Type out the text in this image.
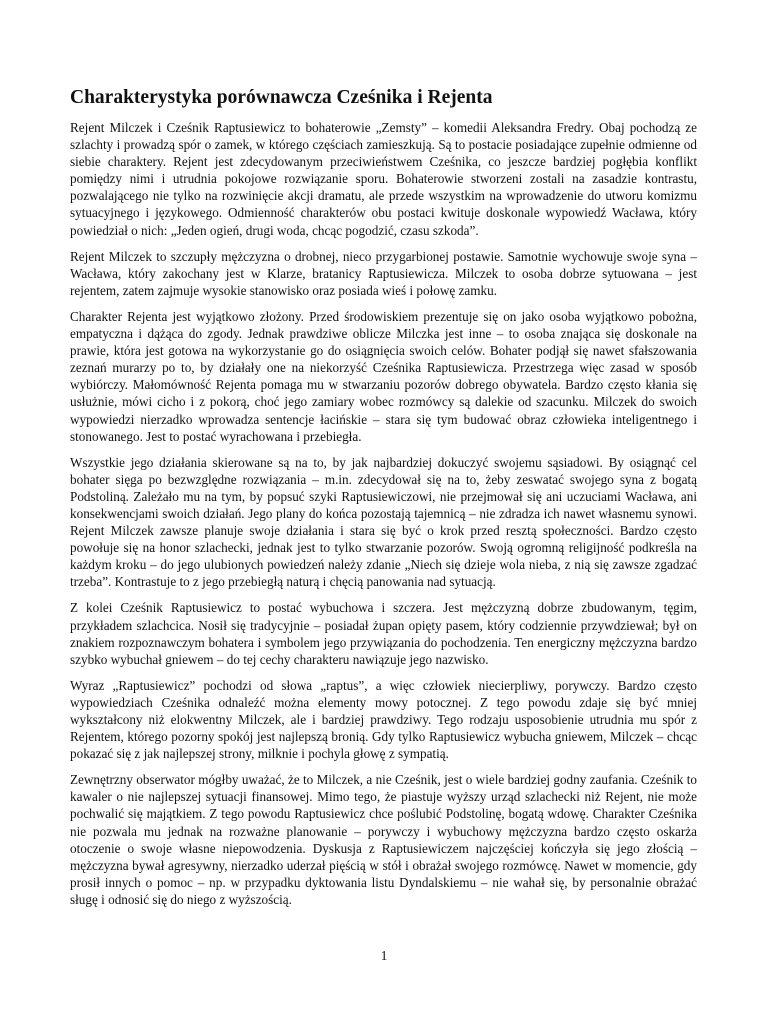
Charakterystyka porównawcza Cześnika i Rejenta

Rejent Milczek i Cześnik Raptusiewicz to bohaterowie „Zemsty” – komedii Aleksandra Fredry. Obaj pochodzą ze szlachty i prowadzą spór o zamek, w którego częściach zamieszkują. Są to postacie posiadające zupełnie odmienne od siebie charaktery. Rejent jest zdecydowanym przeciwieństwem Cześnika, co jeszcze bardziej pogłębia konflikt pomiędzy nimi i utrudnia pokojowe rozwiązanie sporu. Bohaterowie stworzeni zostali na zasadzie kontrastu, pozwalającego nie tylko na rozwinięcie akcji dramatu, ale przede wszystkim na wprowadzenie do utworu komizmu sytuacyjnego i językowego. Odmienność charakterów obu postaci kwituje doskonale wypowiedź Wacława, który powiedział o nich: „Jeden ogień, drugi woda, chcąc pogodzić, czasu szkoda”.

Rejent Milczek to szczupły mężczyzna o drobnej, nieco przygarbionej postawie. Samotnie wychowuje swoje syna – Wacława, który zakochany jest w Klarze, bratanicy Raptusiewicza. Milczek to osoba dobrze sytuowana – jest rejentem, zatem zajmuje wysokie stanowisko oraz posiada wieś i połowę zamku.

Charakter Rejenta jest wyjątkowo złożony. Przed środowiskiem prezentuje się on jako osoba wyjątkowo pobożna, empatyczna i dążąca do zgody. Jednak prawdziwe oblicze Milczka jest inne – to osoba znająca się doskonale na prawie, która jest gotowa na wykorzystanie go do osiągnięcia swoich celów. Bohater podjął się nawet sfałszowania zeznań murarzy po to, by działały one na niekorzyść Cześnika Raptusiewicza. Przestrzega więc zasad w sposób wybiórczy. Małomówność Rejenta pomaga mu w stwarzaniu pozorów dobrego obywatela. Bardzo często kłania się usłużnie, mówi cicho i z pokorą, choć jego zamiary wobec rozmówcy są dalekie od szacunku. Milczek do swoich wypowiedzi nierzadko wprowadza sentencje łacińskie – stara się tym budować obraz człowieka inteligentnego i stonowanego. Jest to postać wyrachowana i przebiegła.

Wszystkie jego działania skierowane są na to, by jak najbardziej dokuczyć swojemu sąsiadowi. By osiągnąć cel bohater sięga po bezwzględne rozwiązania – m.in. zdecydował się na to, żeby zeswatać swojego syna z bogatą Podstoliną. Zależało mu na tym, by popsuć szyki Raptusiewiczowi, nie przejmował się ani uczuciami Wacława, ani konsekwencjami swoich działań. Jego plany do końca pozostają tajemnicą – nie zdradza ich nawet własnemu synowi. Rejent Milczek zawsze planuje swoje działania i stara się być o krok przed resztą społeczności. Bardzo często powołuje się na honor szlachecki, jednak jest to tylko stwarzanie pozorów. Swoją ogromną religijność podkreśla na każdym kroku – do jego ulubionych powiedzeń należy zdanie „Niech się dzieje wola nieba, z nią się zawsze zgadzać trzeba”. Kontrastuje to z jego przebiegłą naturą i chęcią panowania nad sytuacją.

Z kolei Cześnik Raptusiewicz to postać wybuchowa i szczera. Jest mężczyzną dobrze zbudowanym, tęgim, przykładem szlachcica. Nosił się tradycyjnie – posiadał żupan opięty pasem, który codziennie przywdziewał; był on znakiem rozpoznawczym bohatera i symbolem jego przywiązania do pochodzenia. Ten energiczny mężczyzna bardzo szybko wybuchał gniewem – do tej cechy charakteru nawiązuje jego nazwisko.

Wyraz „Raptusiewicz” pochodzi od słowa „raptus”, a więc człowiek niecierpliwy, porywczy. Bardzo często wypowiedziach Cześnika odnaleźć można elementy mowy potocznej. Z tego powodu zdaje się być mniej wykształcony niż elokwentny Milczek, ale i bardziej prawdziwy. Tego rodzaju usposobienie utrudnia mu spór z Rejentem, którego pozorny spokój jest najlepszą bronią. Gdy tylko Raptusiewicz wybucha gniewem, Milczek – chcąc pokazać się z jak najlepszej strony, milknie i pochyla głowę z sympatią.

Zewnętrzny obserwator mógłby uważać, że to Milczek, a nie Cześnik, jest o wiele bardziej godny zaufania. Cześnik to kawaler o nie najlepszej sytuacji finansowej. Mimo tego, że piastuje wyższy urząd szlachecki niż Rejent, nie może pochwalić się majątkiem. Z tego powodu Raptusiewicz chce poślubić Podstolinę, bogatą wdowę. Charakter Cześnika nie pozwala mu jednak na rozważne planowanie – porywczy i wybuchowy mężczyzna bardzo często oskarża otoczenie o swoje własne niepowodzenia. Dyskusja z Raptusiewiczem najczęściej kończyła się jego złością – mężczyzna bywał agresywny, nierzadko uderzał pięścią w stół i obrażał swojego rozmówcę. Nawet w momencie, gdy prosił innych o pomoc – np. w przypadku dyktowania listu Dyndalskiemu – nie wahał się, by personalnie obrażać sługę i odnosić się do niego z wyższością.

1
